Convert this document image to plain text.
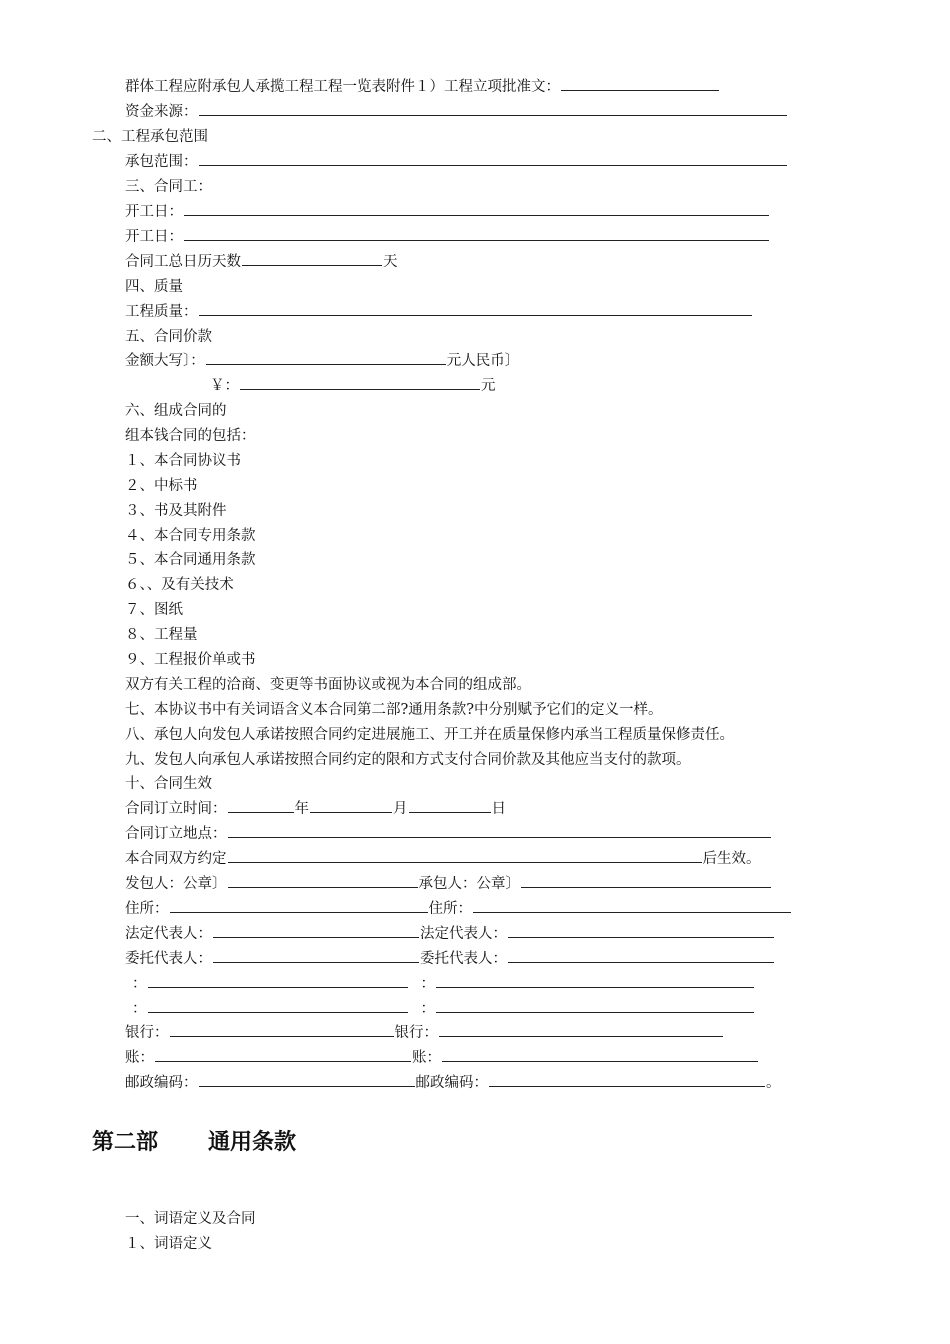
群体工程应附承包人承揽工程工程一览表附件１）工程立项批准文：
资金来源：
二、工程承包范围
承包范围：
三、合同工：
开工日：
开工日：
合同工总日历天数	天
四、质量
工程质量：
五、合同价款
金额大写〕：	元人民币〕
￥：	元
六、组成合同的
组本钱合同的包括：
１、本合同协议书
２、中标书
３、书及其附件
４、本合同专用条款
５、本合同通用条款
６、、及有关技术
７、图纸
８、工程量
９、工程报价单或书
双方有关工程的洽商、变更等书面协议或视为本合同的组成部。
七、本协议书中有关词语含义本合同第二部?通用条款?中分别赋予它们的定义一样。
八、承包人向发包人承诺按照合同约定进展施工、开工并在质量保修内承当工程质量保修责任。
九、发包人向承包人承诺按照合同约定的限和方式支付合同价款及其他应当支付的款项。
十、合同生效
合同订立时间：	年	月	日
合同订立地点：
本合同双方约定	后生效。
发包人：公章〕	承包人：公章〕
住所：	住所：
法定代表人：	法定代表人：
委托代表人：	委托代表人：
：	：
：	：
银行：	银行：
账：	账：
邮政编码：	邮政编码：	。
第二部 通用条款
一、词语定义及合同
１、词语定义
